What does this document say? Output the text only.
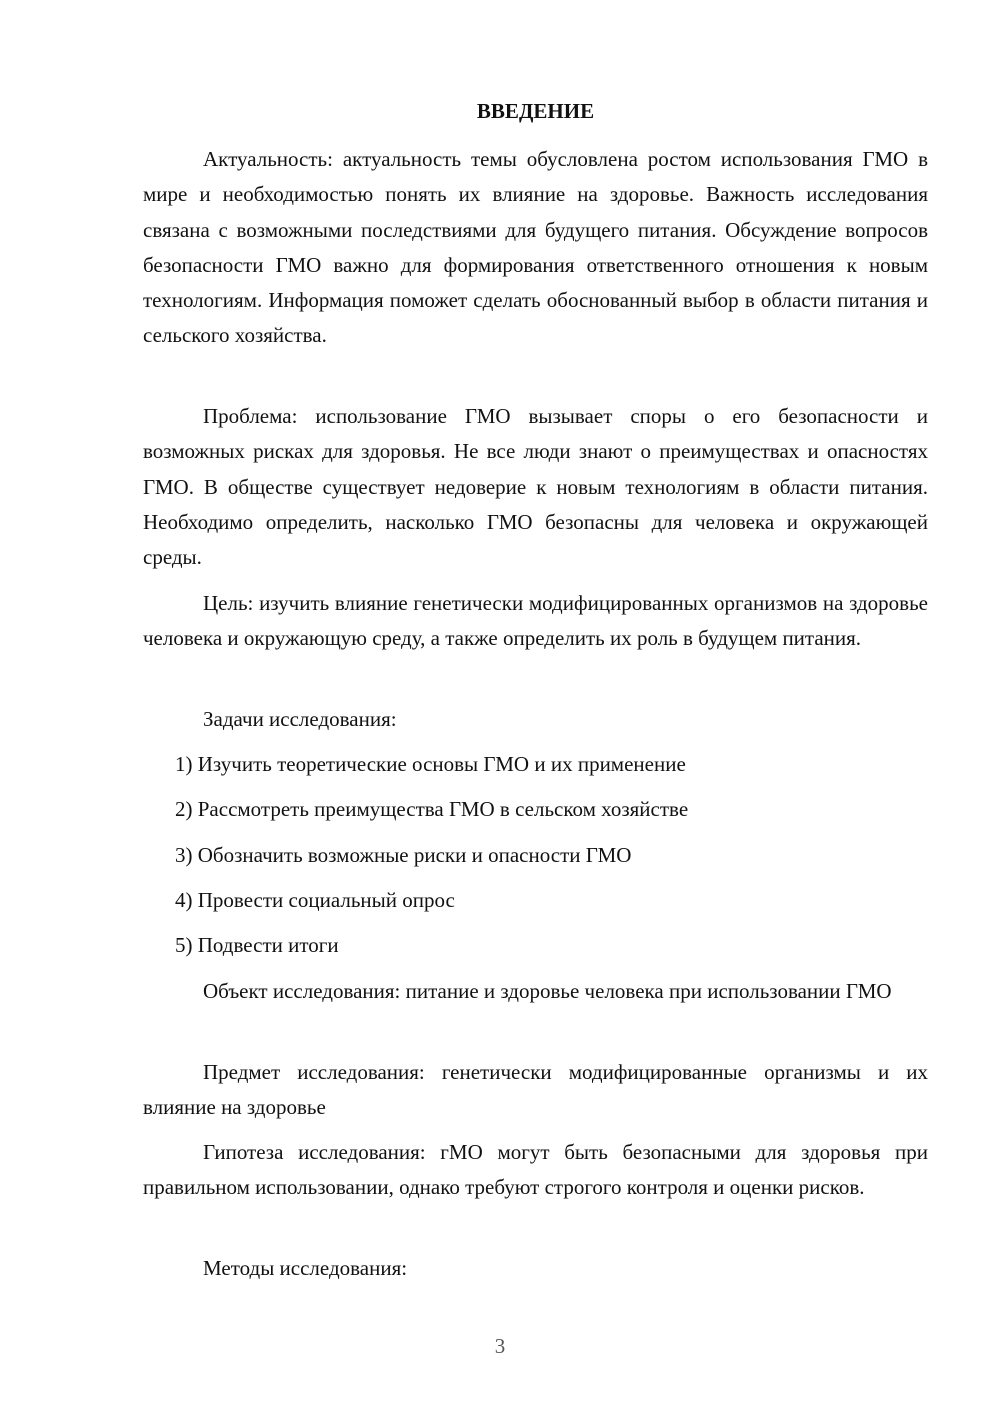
ВВЕДЕНИЕ

Актуальность: актуальность темы обусловлена ростом использования ГМО в мире и необходимостью понять их влияние на здоровье. Важность исследования связана с возможными последствиями для будущего питания. Обсуждение вопросов безопасности ГМО важно для формирования ответственного отношения к новым технологиям. Информация поможет сделать обоснованный выбор в области питания и сельского хозяйства.

Проблема: использование ГМО вызывает споры о его безопасности и возможных рисках для здоровья. Не все люди знают о преимуществах и опасностях ГМО. В обществе существует недоверие к новым технологиям в области питания. Необходимо определить, насколько ГМО безопасны для человека и окружающей среды.

Цель: изучить влияние генетически модифицированных организмов на здоровье человека и окружающую среду, а также определить их роль в будущем питания.

Задачи исследования:

1) Изучить теоретические основы ГМО и их применение

2) Рассмотреть преимущества ГМО в сельском хозяйстве

3) Обозначить возможные риски и опасности ГМО

4) Провести социальный опрос

5) Подвести итоги

Объект исследования: питание и здоровье человека при использовании ГМО

Предмет исследования: генетически модифицированные организмы и их влияние на здоровье

Гипотеза исследования: гМО могут быть безопасными для здоровья при правильном использовании, однако требуют строгого контроля и оценки рисков.

Методы исследования:

3
